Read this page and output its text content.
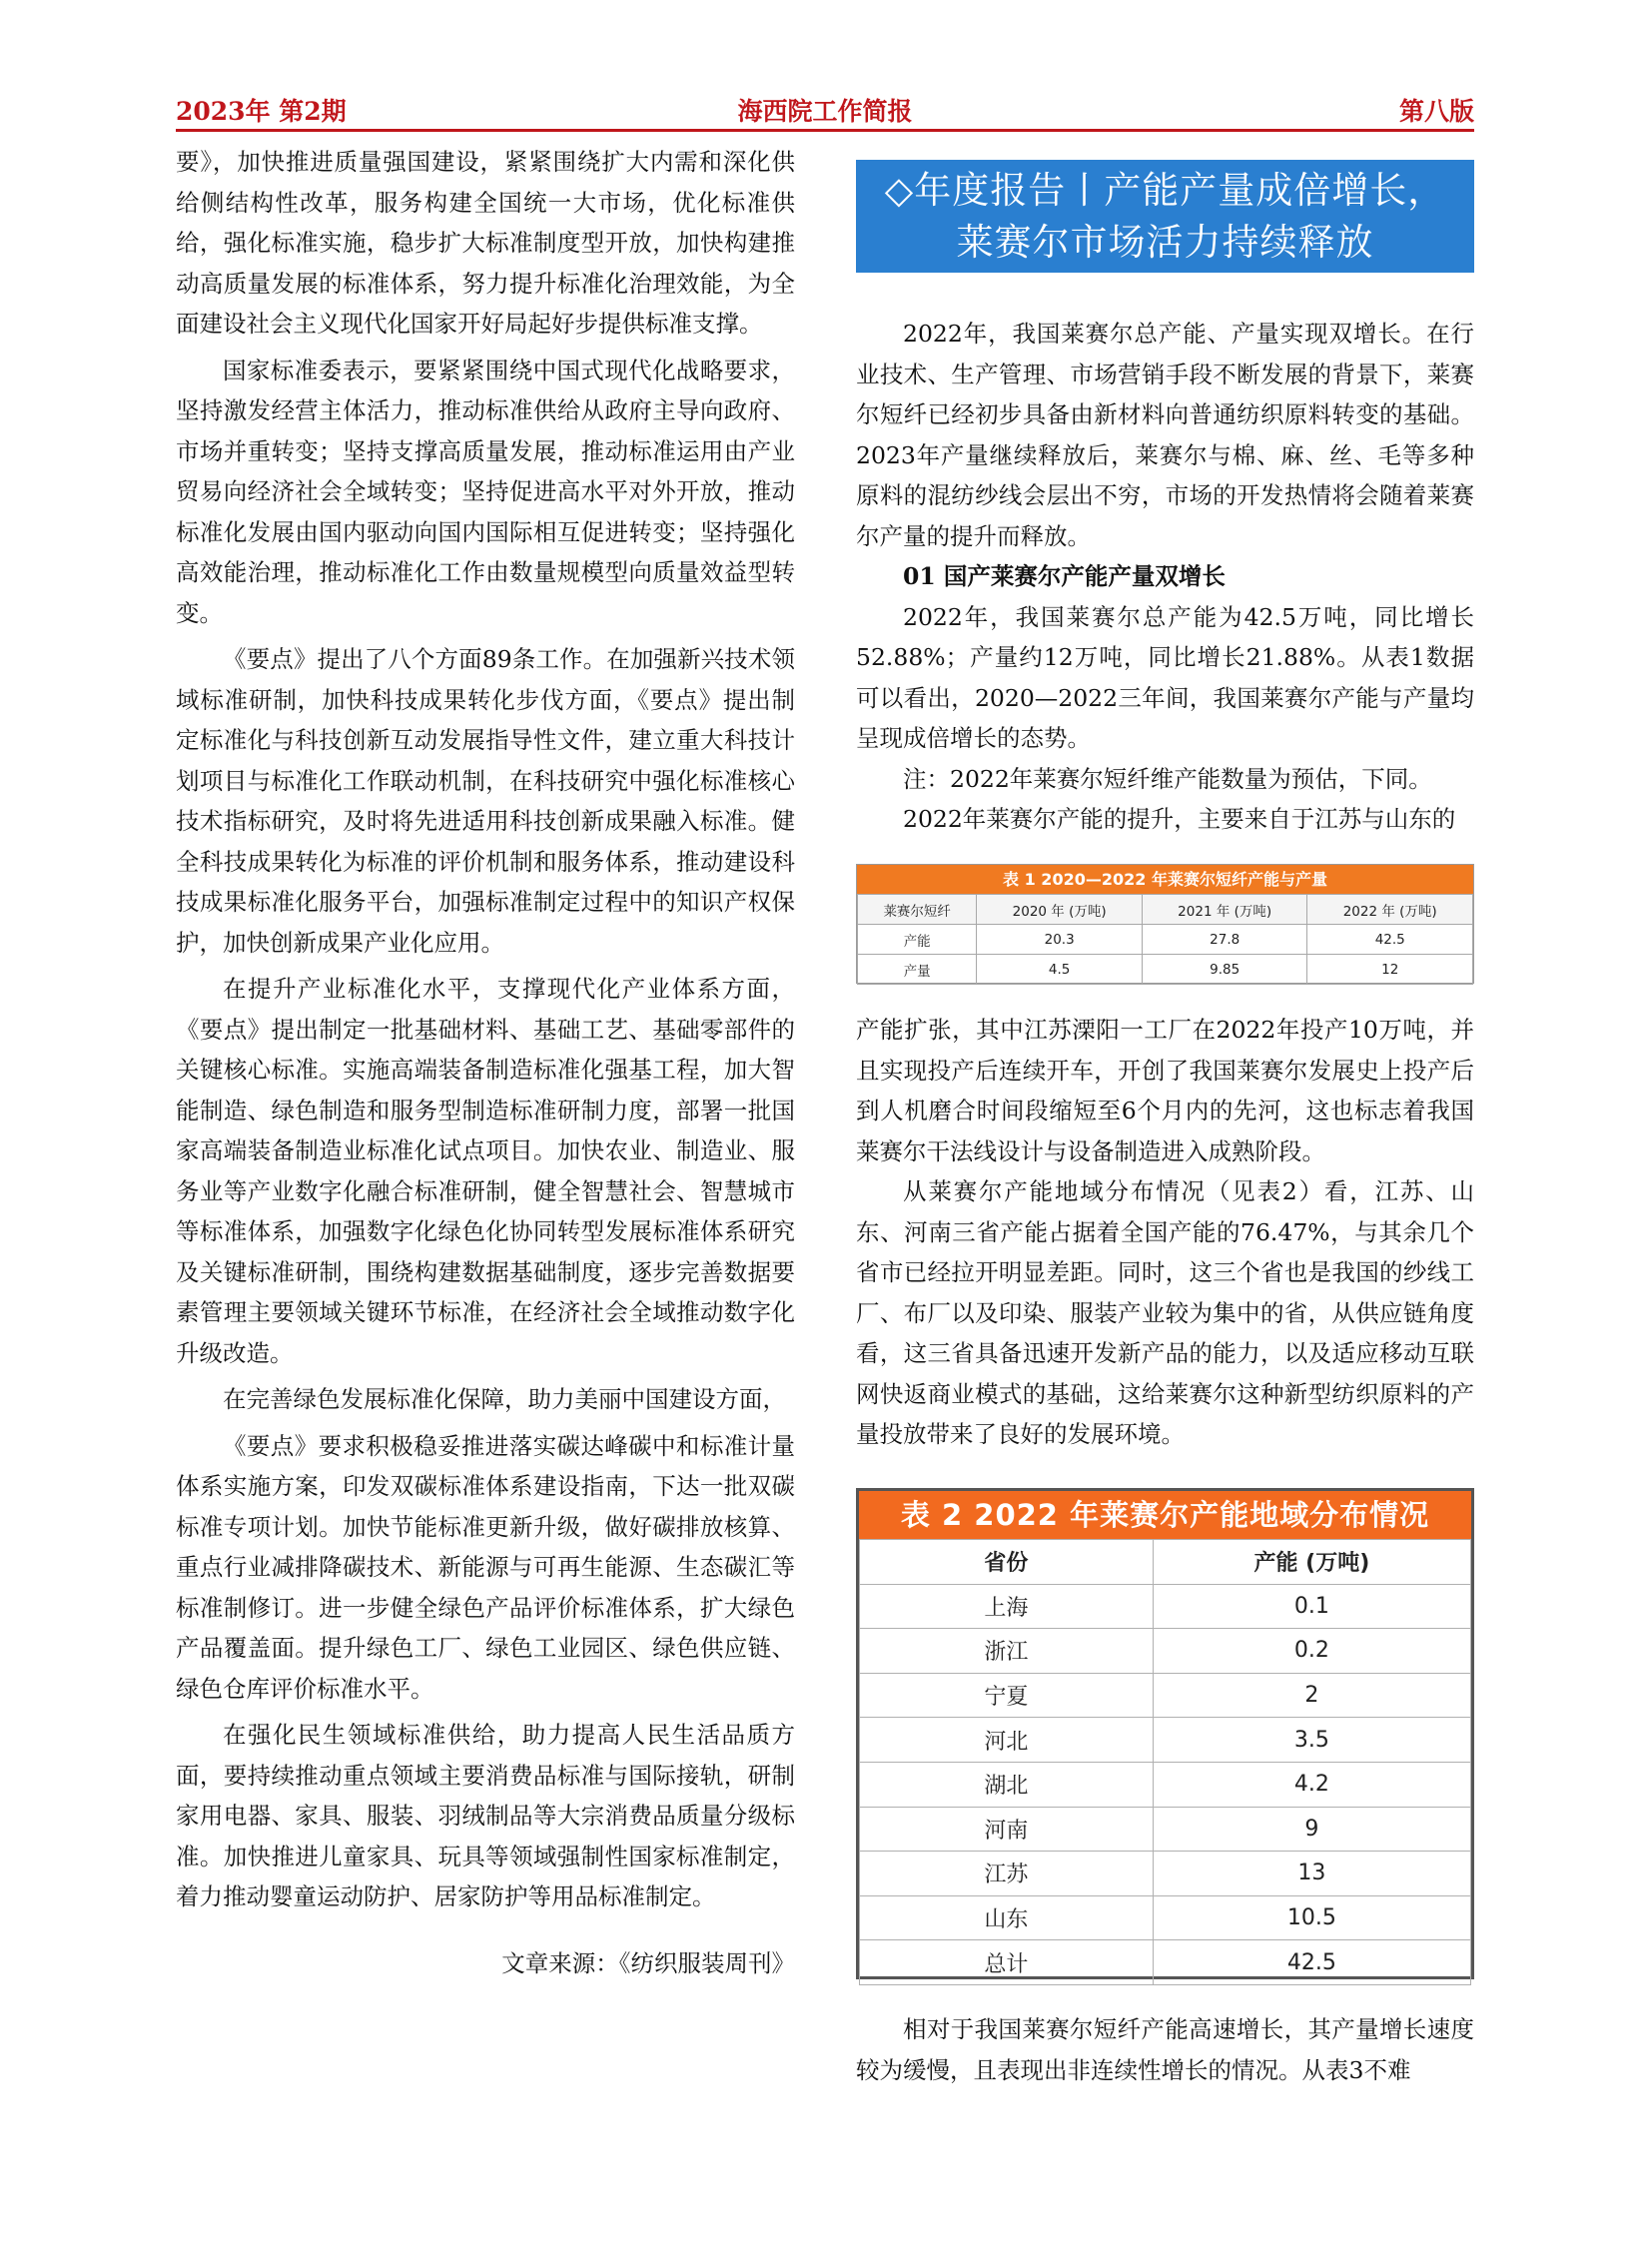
2023年 第2期	海西院工作简报	第八版

要》，加快推进质量强国建设，紧紧围绕扩大内需和深化供给侧结构性改革，服务构建全国统一大市场，优化标准供给，强化标准实施，稳步扩大标准制度型开放，加快构建推动高质量发展的标准体系，努力提升标准化治理效能，为全面建设社会主义现代化国家开好局起好步提供标准支撑。

国家标准委表示，要紧紧围绕中国式现代化战略要求，坚持激发经营主体活力，推动标准供给从政府主导向政府、市场并重转变；坚持支撑高质量发展，推动标准运用由产业贸易向经济社会全域转变；坚持促进高水平对外开放，推动标准化发展由国内驱动向国内国际相互促进转变；坚持强化高效能治理，推动标准化工作由数量规模型向质量效益型转变。

《要点》提出了八个方面89条工作。在加强新兴技术领域标准研制，加快科技成果转化步伐方面，《要点》提出制定标准化与科技创新互动发展指导性文件，建立重大科技计划项目与标准化工作联动机制，在科技研究中强化标准核心技术指标研究，及时将先进适用科技创新成果融入标准。健全科技成果转化为标准的评价机制和服务体系，推动建设科技成果标准化服务平台，加强标准制定过程中的知识产权保护，加快创新成果产业化应用。

在提升产业标准化水平，支撑现代化产业体系方面，《要点》提出制定一批基础材料、基础工艺、基础零部件的关键核心标准。实施高端装备制造标准化强基工程，加大智能制造、绿色制造和服务型制造标准研制力度，部署一批国家高端装备制造业标准化试点项目。加快农业、制造业、服务业等产业数字化融合标准研制，健全智慧社会、智慧城市等标准体系，加强数字化绿色化协同转型发展标准体系研究及关键标准研制，围绕构建数据基础制度，逐步完善数据要素管理主要领域关键环节标准，在经济社会全域推动数字化升级改造。

在完善绿色发展标准化保障，助力美丽中国建设方面，

《要点》要求积极稳妥推进落实碳达峰碳中和标准计量体系实施方案，印发双碳标准体系建设指南，下达一批双碳标准专项计划。加快节能标准更新升级，做好碳排放核算、重点行业减排降碳技术、新能源与可再生能源、生态碳汇等标准制修订。进一步健全绿色产品评价标准体系，扩大绿色产品覆盖面。提升绿色工厂、绿色工业园区、绿色供应链、绿色仓库评价标准水平。

在强化民生领域标准供给，助力提高人民生活品质方面，要持续推动重点领域主要消费品标准与国际接轨，研制家用电器、家具、服装、羽绒制品等大宗消费品质量分级标准。加快推进儿童家具、玩具等领域强制性国家标准制定，着力推动婴童运动防护、居家防护等用品标准制定。

文章来源：《纺织服装周刊》

◇年度报告丨产能产量成倍增长，
莱赛尔市场活力持续释放

2022年，我国莱赛尔总产能、产量实现双增长。在行业技术、生产管理、市场营销手段不断发展的背景下，莱赛尔短纤已经初步具备由新材料向普通纺织原料转变的基础。2023年产量继续释放后，莱赛尔与棉、麻、丝、毛等多种原料的混纺纱线会层出不穷，市场的开发热情将会随着莱赛尔产量的提升而释放。

01 国产莱赛尔产能产量双增长

2022年，我国莱赛尔总产能为42.5万吨，同比增长52.88%；产量约12万吨，同比增长21.88%。从表1数据可以看出，2020—2022三年间，我国莱赛尔产能与产量均呈现成倍增长的态势。

注：2022年莱赛尔短纤维产能数量为预估，下同。

2022年莱赛尔产能的提升，主要来自于江苏与山东的

表 1 2020—2022 年莱赛尔短纤产能与产量
莱赛尔短纤	2020 年 (万吨)	2021 年 (万吨)	2022 年 (万吨)
产能	20.3	27.8	42.5
产量	4.5	9.85	12

产能扩张，其中江苏溧阳一工厂在2022年投产10万吨，并且实现投产后连续开车，开创了我国莱赛尔发展史上投产后到人机磨合时间段缩短至6个月内的先河，这也标志着我国莱赛尔干法线设计与设备制造进入成熟阶段。

从莱赛尔产能地域分布情况（见表2）看，江苏、山东、河南三省产能占据着全国产能的76.47%，与其余几个省市已经拉开明显差距。同时，这三个省也是我国的纱线工厂、布厂以及印染、服装产业较为集中的省，从供应链角度看，这三省具备迅速开发新产品的能力，以及适应移动互联网快返商业模式的基础，这给莱赛尔这种新型纺织原料的产量投放带来了良好的发展环境。

表 2 2022 年莱赛尔产能地域分布情况
省份	产能 (万吨)
上海	0.1
浙江	0.2
宁夏	2
河北	3.5
湖北	4.2
河南	9
江苏	13
山东	10.5
总计	42.5

相对于我国莱赛尔短纤产能高速增长，其产量增长速度较为缓慢，且表现出非连续性增长的情况。从表3不难
